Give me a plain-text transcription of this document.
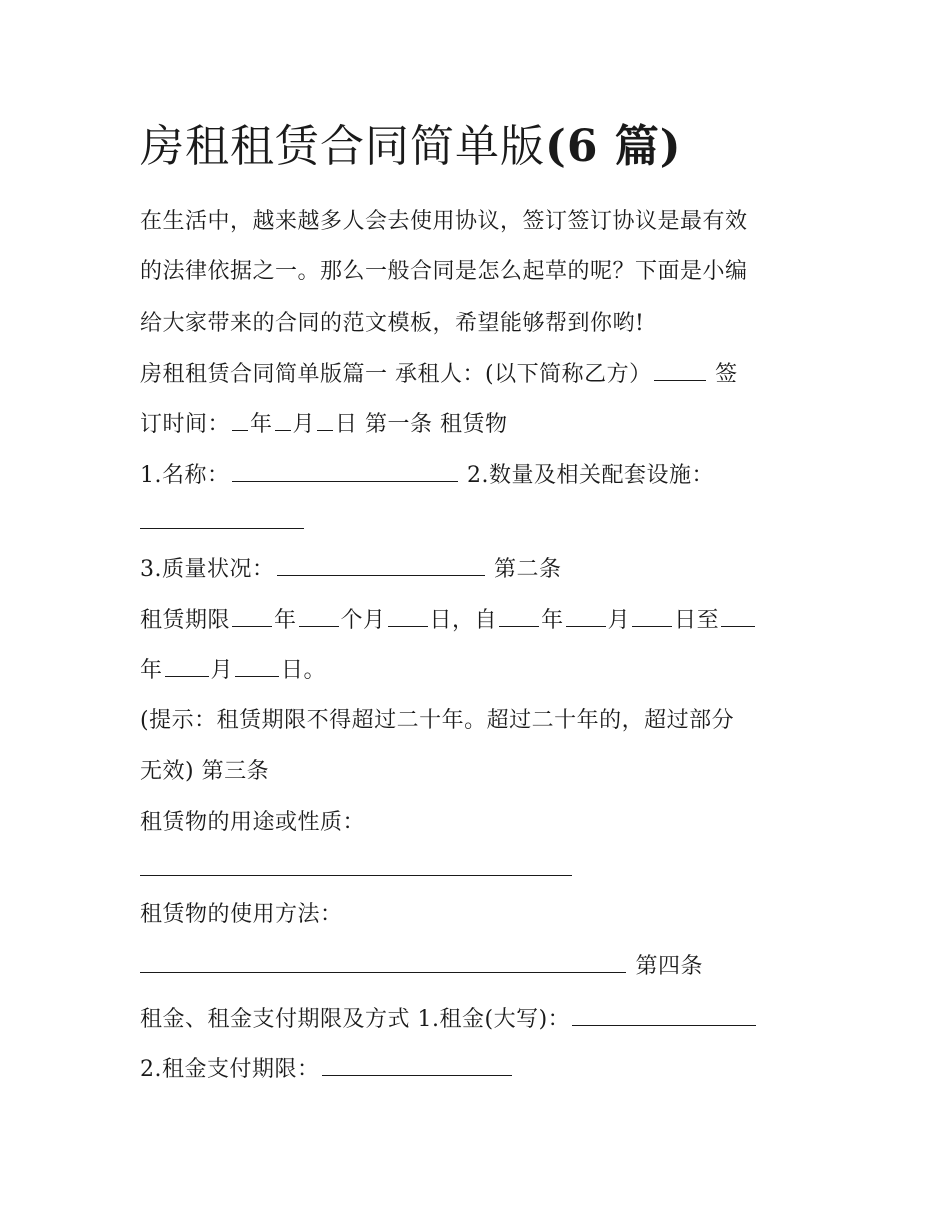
房租租赁合同简单版(6 篇)
在生活中，越来越多人会去使用协议，签订签订协议是最有效
的法律依据之一。那么一般合同是怎么起草的呢？下面是小编
给大家带来的合同的范文模板，希望能够帮到你哟!
房租租赁合同简单版篇一 承租人：(以下简称乙方）	签
订时间： 年 月 日 第一条 租赁物
1.名称：	2.数量及相关配套设施：
3.质量状况：	第二条
租赁期限 年 个月 日，自 年 月 日至
年 月 日。
(提示：租赁期限不得超过二十年。超过二十年的，超过部分
无效) 第三条
租赁物的用途或性质：
租赁物的使用方法：
第四条
租金、租金支付期限及方式 1.租金(大写)：
2.租金支付期限：
